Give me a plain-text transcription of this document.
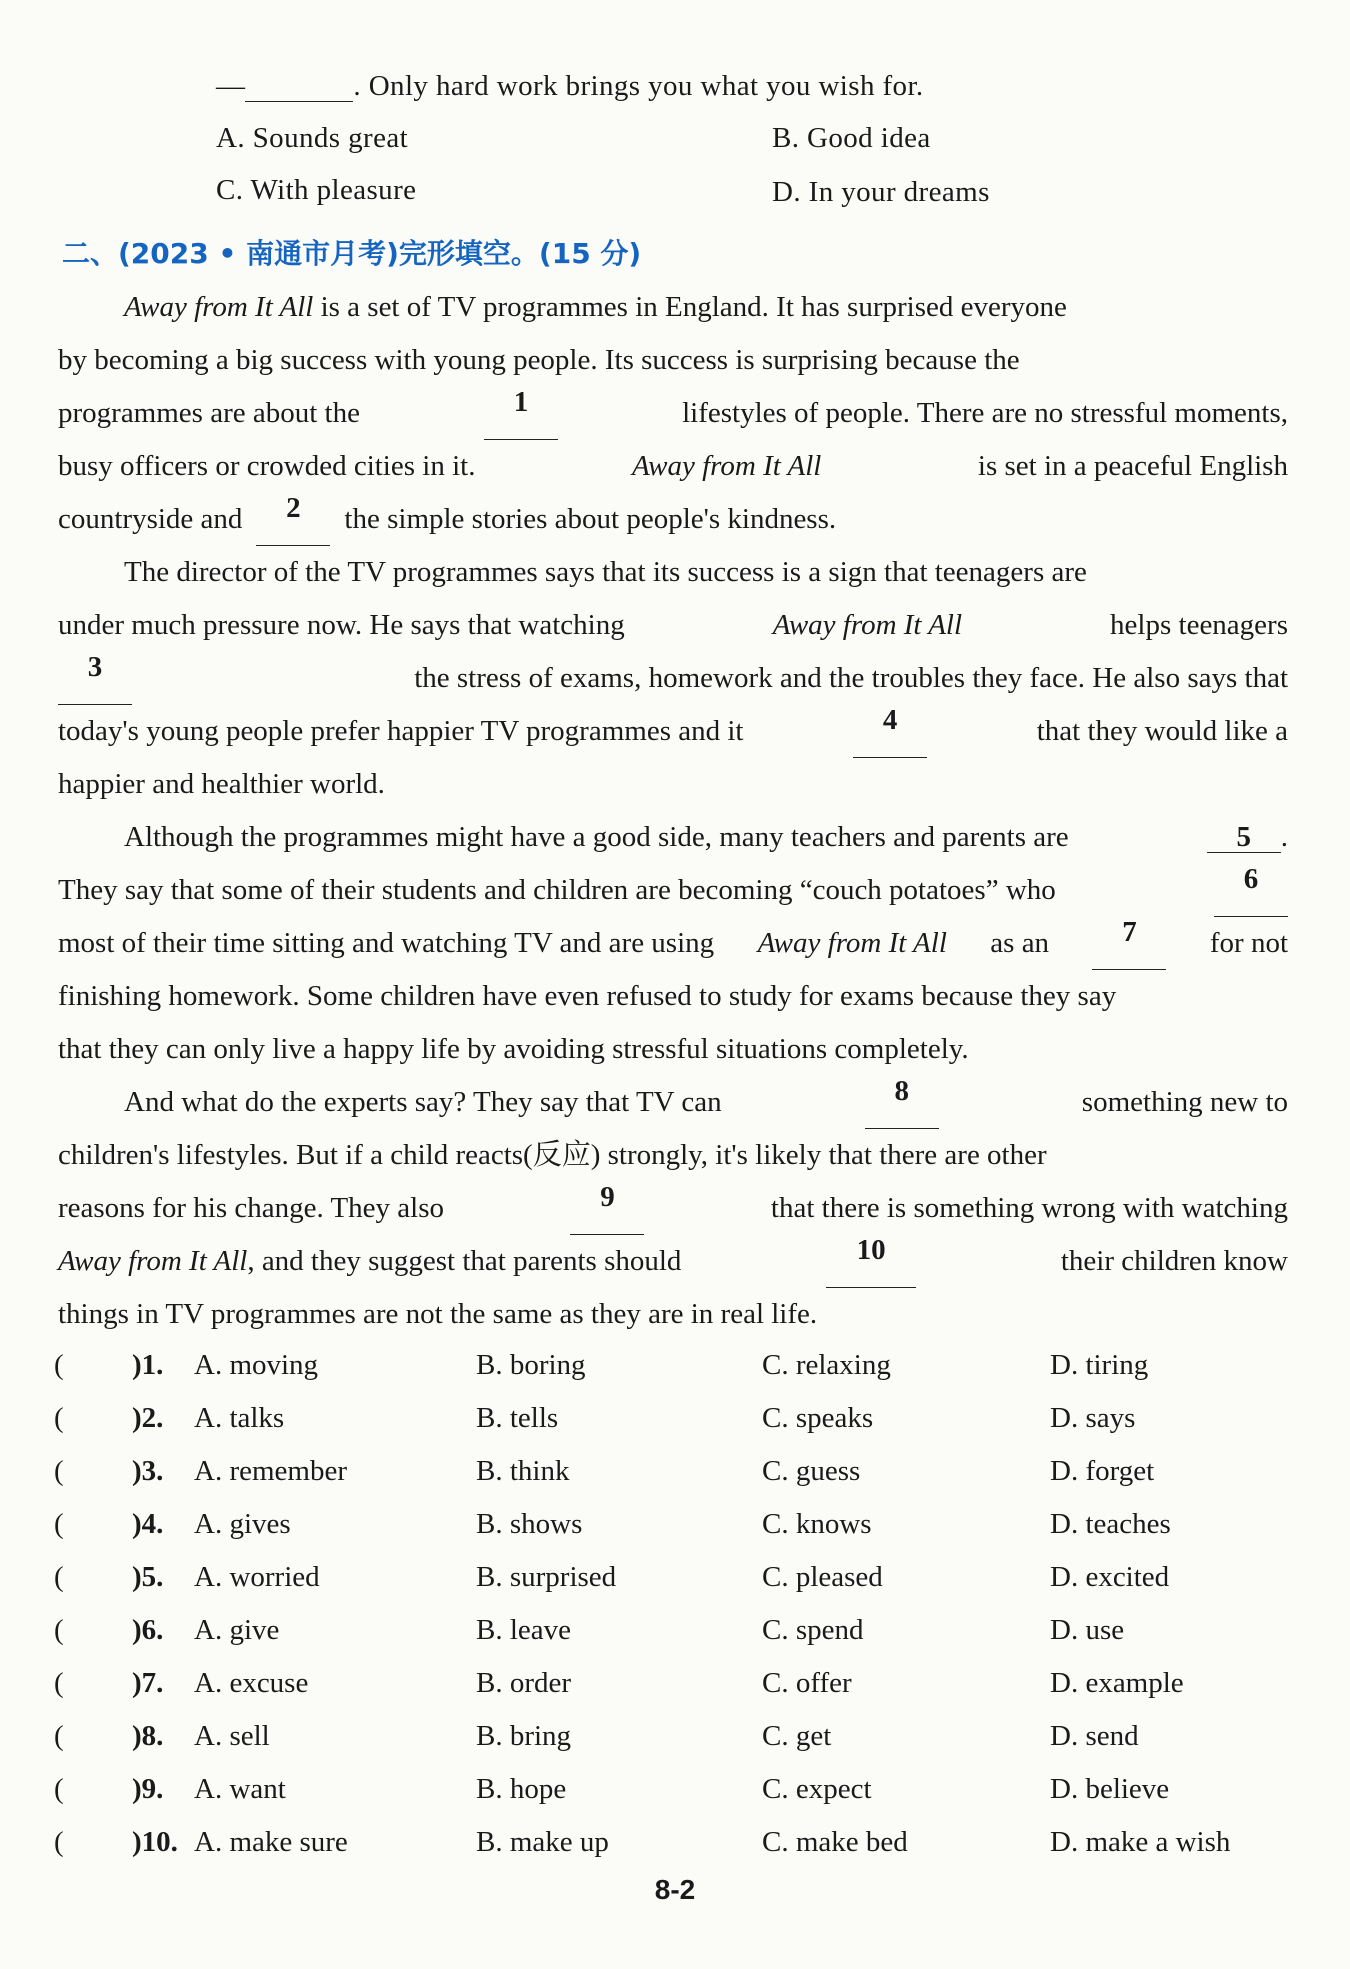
—	. Only hard work brings you what you wish for.
A. Sounds great	B. Good idea
C. With pleasure	D. In your dreams
二、(2023 • 南通市月考)完形填空。(15 分)
Away from It All is a set of TV programmes in England. It has surprised everyone
by becoming a big success with young people. Its success is surprising because the
programmes are about the	1	lifestyles of people. There are no stressful moments,
busy officers or crowded cities in it.	Away from It All	is set in a peaceful English
countryside and	2	the simple stories about people's kindness.
The director of the TV programmes says that its success is a sign that teenagers are
under much pressure now. He says that watching	Away from It All	helps teenagers
3	the stress of exams, homework and the troubles they face. He also says that
today's young people prefer happier TV programmes and it	4	that they would like a
happier and healthier world.
Although the programmes might have a good side, many teachers and parents are	5 .
They say that some of their students and children are becoming “couch potatoes” who	6
most of their time sitting and watching TV and are using Away from It All as an	7	for not
finishing homework. Some children have even refused to study for exams because they say
that they can only live a happy life by avoiding stressful situations completely.
And what do the experts say? They say that TV can	8	something new to
children's lifestyles. But if a child reacts(反应) strongly, it's likely that there are other
reasons for his change. They also	9	that there is something wrong with watching
Away from It All, and they suggest that parents should	10	their children know
things in TV programmes are not the same as they are in real life.
( )1. A. moving	B. boring	C. relaxing	D. tiring
( )2. A. talks	B. tells	C. speaks	D. says
( )3. A. remember	B. think	C. guess	D. forget
( )4. A. gives	B. shows	C. knows	D. teaches
( )5. A. worried	B. surprised	C. pleased	D. excited
( )6. A. give	B. leave	C. spend	D. use
( )7. A. excuse	B. order	C. offer	D. example
( )8. A. sell	B. bring	C. get	D. send
( )9. A. want	B. hope	C. expect	D. believe
( )10. A. make sure	B. make up	C. make bed	D. make a wish
8-2
